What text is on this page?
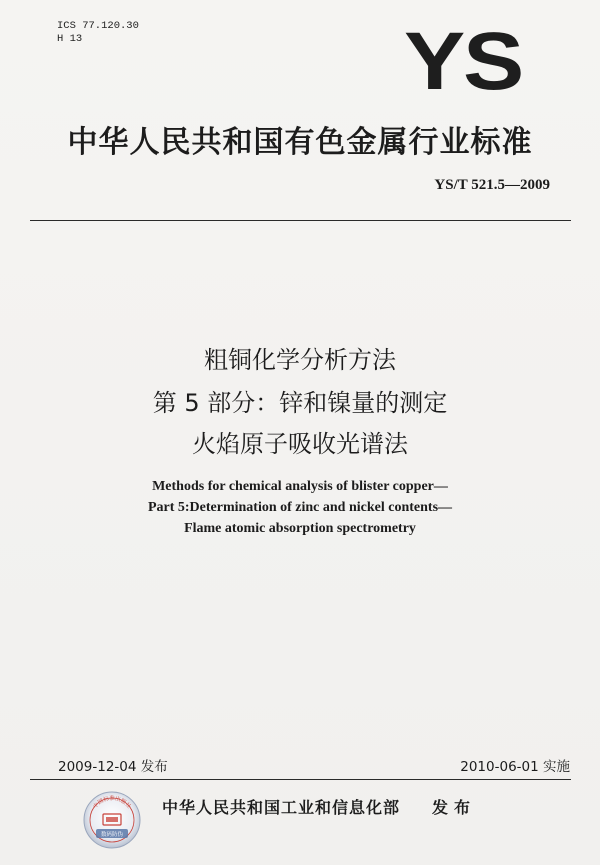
ICS 77.120.30
H 13	YS
中华人民共和国有色金属行业标准
YS/T 521.5—2009
粗铜化学分析方法
第 5 部分：锌和镍量的测定
火焰原子吸收光谱法
Methods for chemical analysis of blister copper—
Part 5:Determination of zinc and nickel contents—
Flame atomic absorption spectrometry
2009-12-04 发布	2010-06-01 实施
中国标准出版社
数码防伪
中华人民共和国工业和信息化部 发布
